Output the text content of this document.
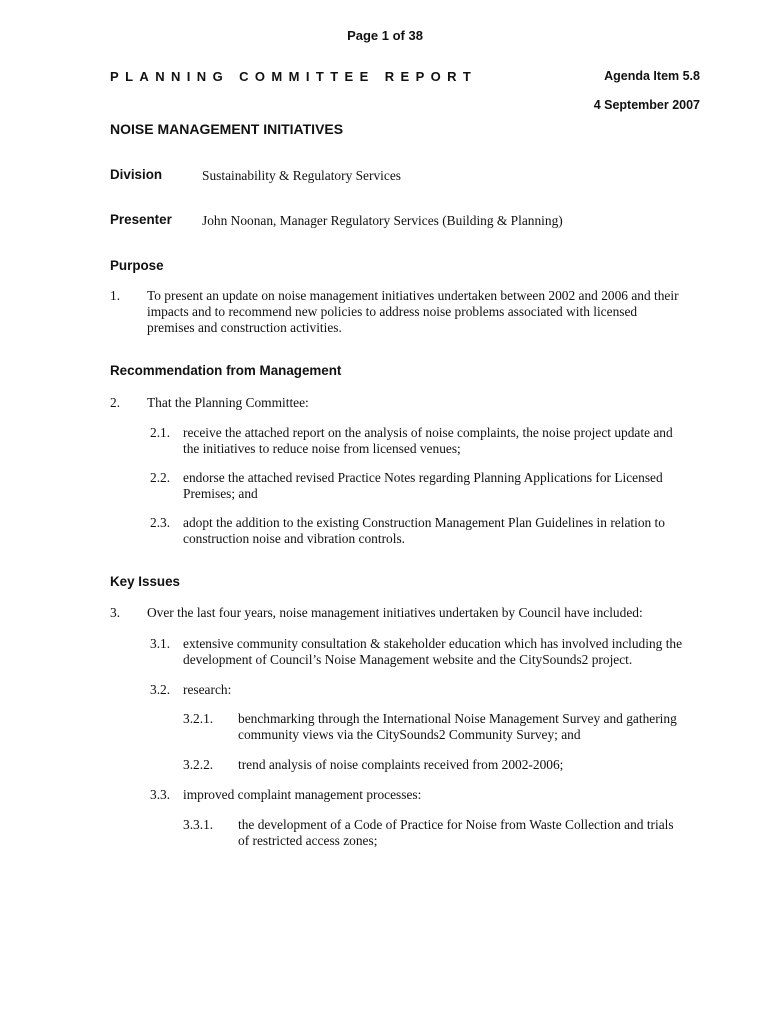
Page 1 of 38
PLANNING COMMITTEE REPORT	Agenda Item 5.8
4 September 2007
NOISE MANAGEMENT INITIATIVES
Division	Sustainability & Regulatory Services
Presenter John Noonan, Manager Regulatory Services (Building & Planning)
Purpose
1. To present an update on noise management initiatives undertaken between 2002 and 2006 and their
impacts and to recommend new policies to address noise problems associated with licensed
premises and construction activities.
Recommendation from Management
2. That the Planning Committee:
2.1. receive the attached report on the analysis of noise complaints, the noise project update and
the initiatives to reduce noise from licensed venues;
2.2. endorse the attached revised Practice Notes regarding Planning Applications for Licensed
Premises; and
2.3. adopt the addition to the existing Construction Management Plan Guidelines in relation to
construction noise and vibration controls.
Key Issues
3. Over the last four years, noise management initiatives undertaken by Council have included:
3.1. extensive community consultation & stakeholder education which has involved including the
development of Council’s Noise Management website and the CitySounds2 project.
3.2. research:
3.2.1. benchmarking through the International Noise Management Survey and gathering
community views via the CitySounds2 Community Survey; and
3.2.2. trend analysis of noise complaints received from 2002-2006;
3.3. improved complaint management processes:
3.3.1. the development of a Code of Practice for Noise from Waste Collection and trials
of restricted access zones;
